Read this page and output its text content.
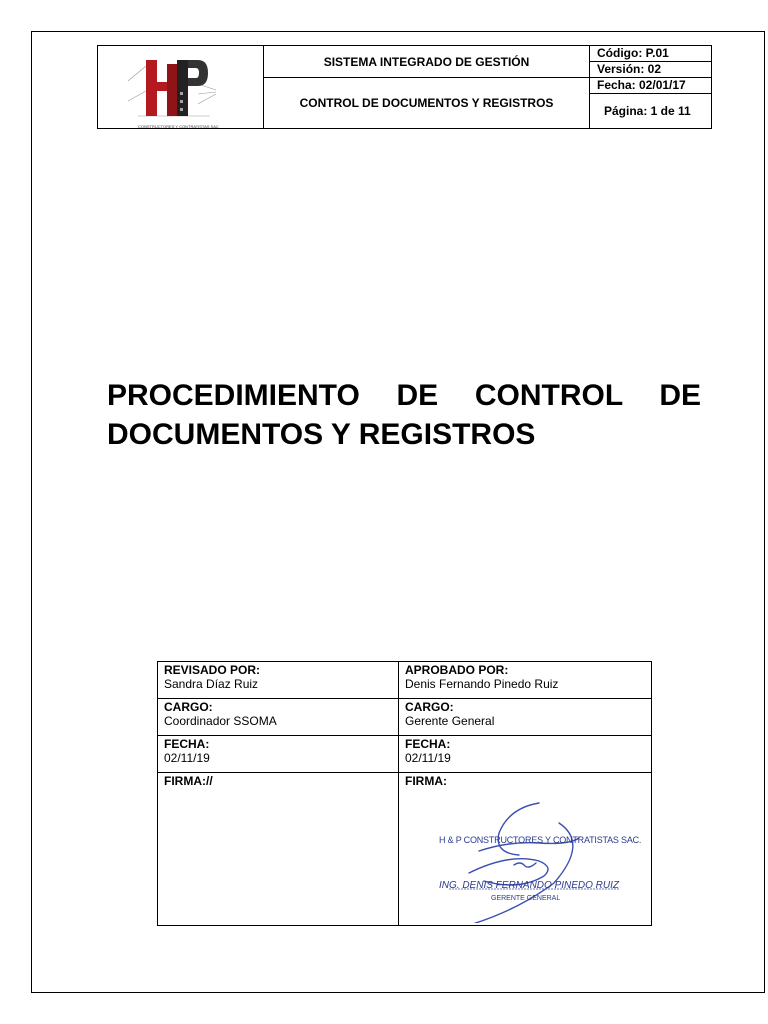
CONSTRUCTORES Y CONTRATISTAS SAC
SISTEMA INTEGRADO DE GESTIÓN
CONTROL DE DOCUMENTOS Y REGISTROS
Código: P.01
Versión: 02
Fecha: 02/01/17
Página: 1 de 11
PROCEDIMIENTO DE CONTROL DE DOCUMENTOS Y REGISTROS
REVISADO POR:
Sandra Díaz Ruiz
CARGO:
Coordinador SSOMA
FECHA:
02/11/19
FIRMA://
APROBADO POR:
Denis Fernando Pinedo Ruiz
CARGO:
Gerente General
FECHA:
02/11/19
FIRMA:
H & P CONSTRUCTORES Y CONTRATISTAS SAC.
ING. DENIS FERNANDO PINEDO RUIZ
GERENTE GENERAL
